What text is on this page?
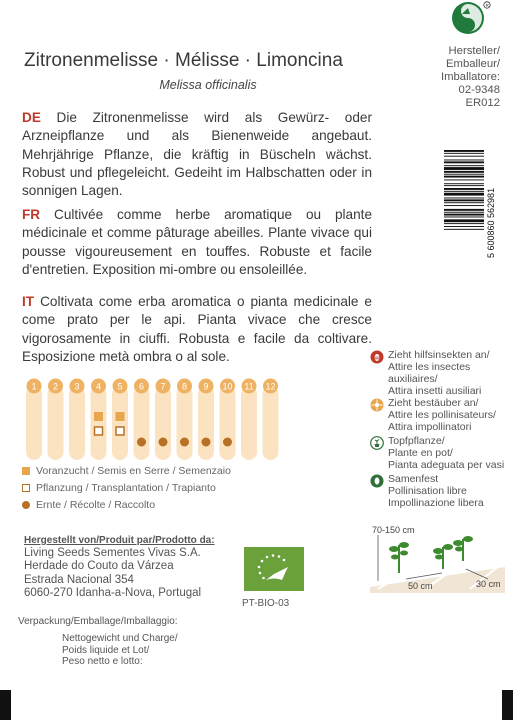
R
Zitronenmelisse · Mélisse · Limoncina
Melissa officinalis
DE Die Zitronenmelisse wird als Gewürz- oder Arzneipflanze und als Bienenweide angebaut. Mehrjährige Pflanze, die kräftig in Büscheln wächst. Robust und pflegeleicht. Gedeiht im Halbschatten oder in sonnigen Lagen.
FR Cultivée comme herbe aromatique ou plante médicinale et comme pâturage abeilles. Plante vivace qui pousse vigoureusement en touffes. Robuste et facile d'entretien. Exposition mi-ombre ou ensoleillée.
IT Coltivata come erba aromatica o pianta medicinale e come prato per le api. Pianta vivace che cresce vigorosamente in ciuffi. Robusta e facile da coltivare. Esposizione metà ombra o al sole.
Hersteller/
Emballeur/
Imballatore:
02-9348
ER012
5 600860 562981
Zieht hilfsinsekten an/
Attire les insectes
auxiliaires/
Attira insetti ausiliari
Zieht bestäuber an/
Attire les pollinisateurs/
Attira impollinatori
Topfpflanze/
Plante en pot/
Pianta adeguata per vasi
Samenfest
Pollinisation libre
Impollinazione libera
1 2 3 4 5 6 7 8 9 10 11 12
Voranzucht / Semis en Serre / Semenzaio
Pflanzung / Transplantation / Trapianto
Ernte / Récolte / Raccolto
Hergestellt von/Produit par/Prodotto da:
Living Seeds Sementes Vivas S.A.
Herdade do Couto da Várzea
Estrada Nacional 354
6060-270 Idanha-a-Nova, Portugal
PT-BIO-03
70-150 cm
50 cm	30 cm
Verpackung/Emballage/Imballaggio:
Nettogewicht und Charge/
Poids liquide et Lot/
Peso netto e lotto:
